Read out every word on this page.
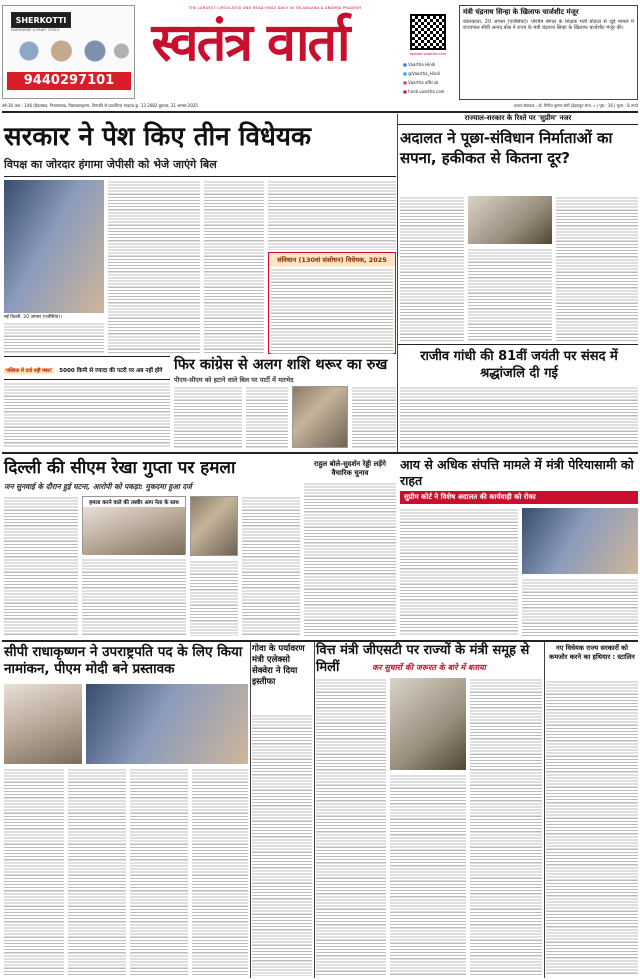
SHERKOTTI
HARDWARE & PAINT TOOLS
9440297101
THE LARGEST CIRCULATED AND READ HINDI DAILY IN TELANGANA & ANDHRA PRADESH
स्वतंत्र वार्ता	epaper.vaartha.com
■ Vaartha Hindi
■ @Vaartha_Hindi
■ Vaartha official
■ hindi.vaartha.com
मंत्री चंद्रनाथ सिन्हा के खिलाफ चार्जशीट मंजूर
कोलकाता, 20 अगस्त (एजेंसियां)। पश्चिम बंगाल के शिक्षक भर्ती घोटाले से जुड़े मामले में राज्यपाल सीवी आनंद बोस ने राज्य के मंत्री चंद्रनाथ सिन्हा के खिलाफ चार्जशीट मंजूर की।
वर्ष-30 अंक : 146 (हैदराबाद, निजामाबाद, विशाखापट्टणम, तिरुपति से प्रकाशित) भाद्रपद कृ. 13 2082 बुधवार, 21 अगस्त-2025	प्रधान संपादक - डॉ. गिरीश कुमार संघी |देहरादून संपा. ० | पृष्ठ : 16 | मूल्य : 8 रुपये
राज्याल-सरकार के रिश्ते पर 'सुप्रीम' नजर
सरकार ने पेश किए तीन विधेयक
विपक्ष का जोरदार हंगामा जेपीसी को भेजे जाएंगे बिल
नई दिल्ली, 20 अगस्त (एजेंसियां)।
संविधान (130वां संशोधन) विधेयक, 2025
पब्लिक में दर्ज नहीं नंबर! 5000 किमी से ज्यादा की पटरी पर अब नहीं होंगे
अदालत ने पूछा-संविधान निर्माताओं का सपना, हकीकत से कितना दूर?
फिर कांग्रेस से अलग शशि थरूर का रुख
पीएम-सीएम को हटाने वाले बिल पर पार्टी में मतभेद
राजीव गांधी की 81वीं जयंती पर संसद में श्रद्धांजलि दी गई
दिल्ली की सीएम रेखा गुप्ता पर हमला
जन सुनवाई के दौरान हुई घटना, आरोपी को पकड़ा: मुकदमा हुआ दर्ज
हमला करने वाले की तस्वीर आप नेता के साथ
राहुल बोले-सुदर्शन रेड्डी लड़ेंगे वैचारिक चुनाव
आय से अधिक संपत्ति मामले में मंत्री पेरियासामी को राहत
सुप्रीम कोर्ट ने विशेष अदालत की कार्यवाही को रोका
सीपी राधाकृष्णन ने उपराष्ट्रपति पद के लिए किया नामांकन, पीएम मोदी बने प्रस्तावक
गोवा के पर्यावरण मंत्री एलेक्सो सेक्वेरा ने दिया इस्तीफा
वित्त मंत्री जीएसटी पर राज्यों के मंत्री समूह से मिलीं	कर सुधारों की जरूरत के बारे में बताया
नए विधेयक राज्य सरकारों को कमजोर करने का हथियार : स्टालिन
